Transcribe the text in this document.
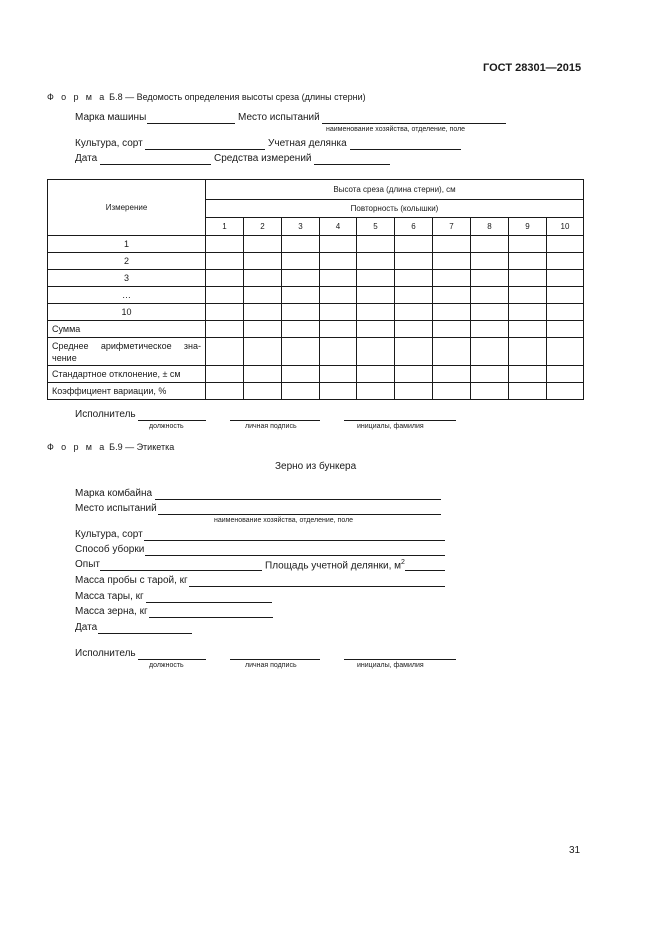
ГОСТ 28301—2015
Ф о р м а Б.8 — Ведомость определения высоты среза (длины стерни)
Марка машины	Место испытаний
наименование хозяйства, отделение, поле
Культура, сорт	Учетная делянка
Дата	Средства измерений
Измерение	Высота среза (длина стерни), см									
	Повторность (колышки)									
	1	2	3	4	5	6	7	8	9	10
1										
2										
3										
…										
10										
Сумма										
Среднее арифметическое зна-чение										
Стандартное отклонение, ± см										
Коэффициент вариации, %										
Исполнитель
должность	личная подпись	инициалы, фамилия
Ф о р м а Б.9 — Этикетка
Зерно из бункера
Марка комбайна
Место испытаний
наименование хозяйства, отделение, поле
Культура, сорт
Способ уборки
Опыт	Площадь учетной делянки, $м^2$
Масса пробы с тарой, кг
Масса тары, кг
Масса зерна, кг
Дата
Исполнитель
должность	личная подпись	инициалы, фамилия
31
